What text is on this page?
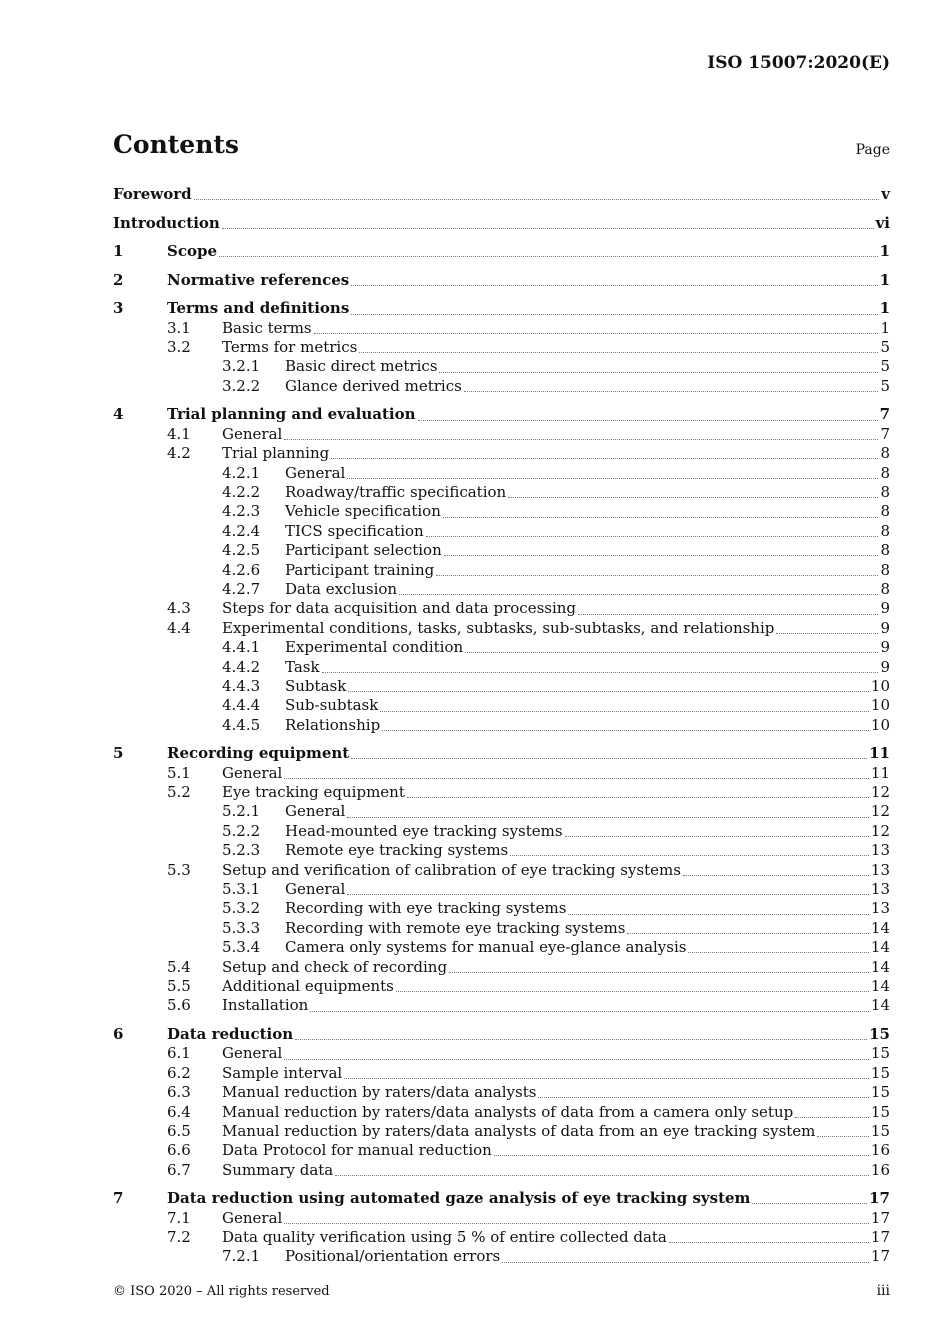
ISO 15007:2020(E)
Contents	Page
Foreword	v
Introduction	vi
1	Scope	1
2	Normative references	1
3	Terms and definitions	1
3.1	Basic terms	1
3.2	Terms for metrics	5
3.2.1	Basic direct metrics	5
3.2.2	Glance derived metrics	5
4	Trial planning and evaluation	7
4.1	General	7
4.2	Trial planning	8
4.2.1	General	8
4.2.2	Roadway/traffic specification	8
4.2.3	Vehicle specification	8
4.2.4	TICS specification	8
4.2.5	Participant selection	8
4.2.6	Participant training	8
4.2.7	Data exclusion	8
4.3	Steps for data acquisition and data processing	9
4.4	Experimental conditions, tasks, subtasks, sub-subtasks, and relationship	9
4.4.1	Experimental condition	9
4.4.2	Task	9
4.4.3	Subtask	10
4.4.4	Sub-subtask	10
4.4.5	Relationship	10
5	Recording equipment	11
5.1	General	11
5.2	Eye tracking equipment	12
5.2.1	General	12
5.2.2	Head-mounted eye tracking systems	12
5.2.3	Remote eye tracking systems	13
5.3	Setup and verification of calibration of eye tracking systems	13
5.3.1	General	13
5.3.2	Recording with eye tracking systems	13
5.3.3	Recording with remote eye tracking systems	14
5.3.4	Camera only systems for manual eye-glance analysis	14
5.4	Setup and check of recording	14
5.5	Additional equipments	14
5.6	Installation	14
6	Data reduction	15
6.1	General	15
6.2	Sample interval	15
6.3	Manual reduction by raters/data analysts	15
6.4	Manual reduction by raters/data analysts of data from a camera only setup	15
6.5	Manual reduction by raters/data analysts of data from an eye tracking system	15
6.6	Data Protocol for manual reduction	16
6.7	Summary data	16
7	Data reduction using automated gaze analysis of eye tracking system	17
7.1	General	17
7.2	Data quality verification using 5 % of entire collected data	17
7.2.1	Positional/orientation errors	17
© ISO 2020 – All rights reserved	iii
